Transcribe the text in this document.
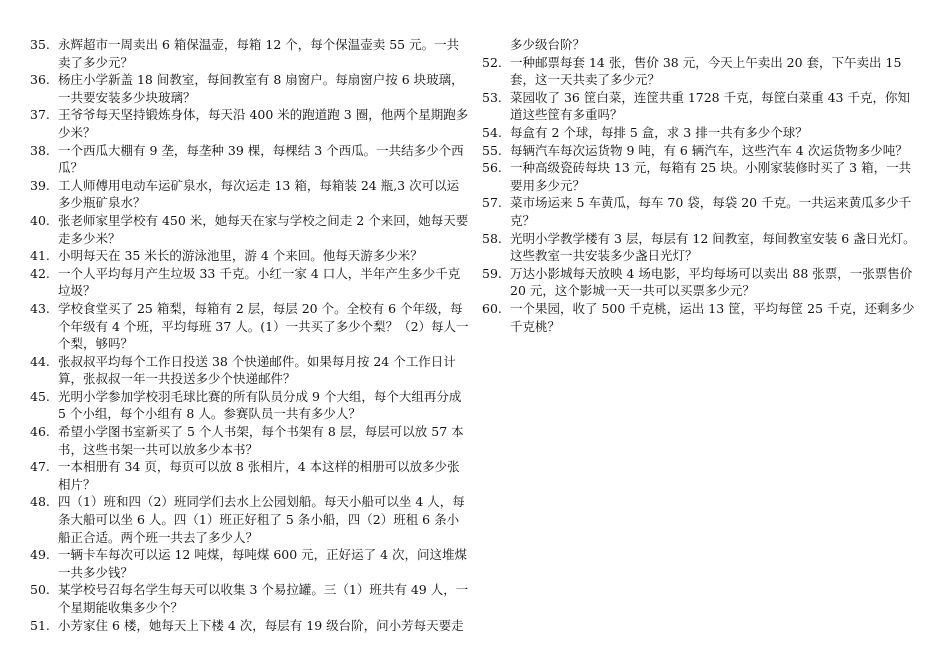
35. 永辉超市一周卖出 6 箱保温壶，每箱 12 个，每个保温壶卖 55 元。一共卖了多少元？
36. 杨庄小学新盖 18 间教室，每间教室有 8 扇窗户。每扇窗户按 6 块玻璃，一共要安装多少块玻璃？
37. 王爷爷每天坚持锻炼身体，每天沿 400 米的跑道跑 3 圈，他两个星期跑多少米？
38. 一个西瓜大棚有 9 垄，每垄种 39 棵，每棵结 3 个西瓜。一共结多少个西瓜？
39. 工人师傅用电动车运矿泉水，每次运走 13 箱，每箱装 24 瓶,3 次可以运多少瓶矿泉水？
40. 张老师家里学校有 450 米，她每天在家与学校之间走 2 个来回，她每天要走多少米？
41. 小明每天在 35 米长的游泳池里，游 4 个来回。他每天游多少米？
42. 一个人平均每月产生垃圾 33 千克。小红一家 4 口人，半年产生多少千克垃圾？
43. 学校食堂买了 25 箱梨，每箱有 2 层，每层 20 个。全校有 6 个年级，每个年级有 4 个班，平均每班 37 人。(1）一共买了多少个梨？（2）每人一个梨，够吗？
44. 张叔叔平均每个工作日投送 38 个快递邮件。如果每月按 24 个工作日计算，张叔叔一年一共投送多少个快递邮件？
45. 光明小学参加学校羽毛球比赛的所有队员分成 9 个大组，每个大组再分成 5 个小组，每个小组有 8 人。参赛队员一共有多少人？
46. 希望小学图书室新买了 5 个人书架，每个书架有 8 层，每层可以放 57 本书，这些书架一共可以放多少本书？
47. 一本相册有 34 页，每页可以放 8 张相片，4 本这样的相册可以放多少张相片？
48. 四（1）班和四（2）班同学们去水上公园划船。每天小船可以坐 4 人，每条大船可以坐 6 人。四（1）班正好租了 5 条小船，四（2）班租 6 条小船正合适。两个班一共去了多少人？
49. 一辆卡车每次可以运 12 吨煤，每吨煤 600 元，正好运了 4 次，问这堆煤一共多少钱？
50. 某学校号召每名学生每天可以收集 3 个易拉罐。三（1）班共有 49 人，一个星期能收集多少个？
51. 小芳家住 6 楼，她每天上下楼 4 次，每层有 19 级台阶，问小芳每天要走
多少级台阶？
52. 一种邮票每套 14 张，售价 38 元，今天上午卖出 20 套，下午卖出 15 套，这一天共卖了多少元？
53. 菜园收了 36 筐白菜，连筐共重 1728 千克，每筐白菜重 43 千克，你知道这些筐有多重吗？
54. 每盒有 2 个球，每排 5 盒，求 3 排一共有多少个球？
55. 每辆汽车每次运货物 9 吨，有 6 辆汽车，这些汽车 4 次运货物多少吨？
56. 一种高级瓷砖每块 13 元，每箱有 25 块。小刚家装修时买了 3 箱，一共要用多少元？
57. 菜市场运来 5 车黄瓜，每车 70 袋，每袋 20 千克。一共运来黄瓜多少千克？
58. 光明小学教学楼有 3 层，每层有 12 间教室，每间教室安装 6 盏日光灯。这些教室一共安装多少盏日光灯？
59. 万达小影城每天放映 4 场电影，平均每场可以卖出 88 张票，一张票售价 20 元，这个影城一天一共可以买票多少元？
60. 一个果园，收了 500 千克桃，运出 13 筐，平均每筐 25 千克，还剩多少千克桃？
